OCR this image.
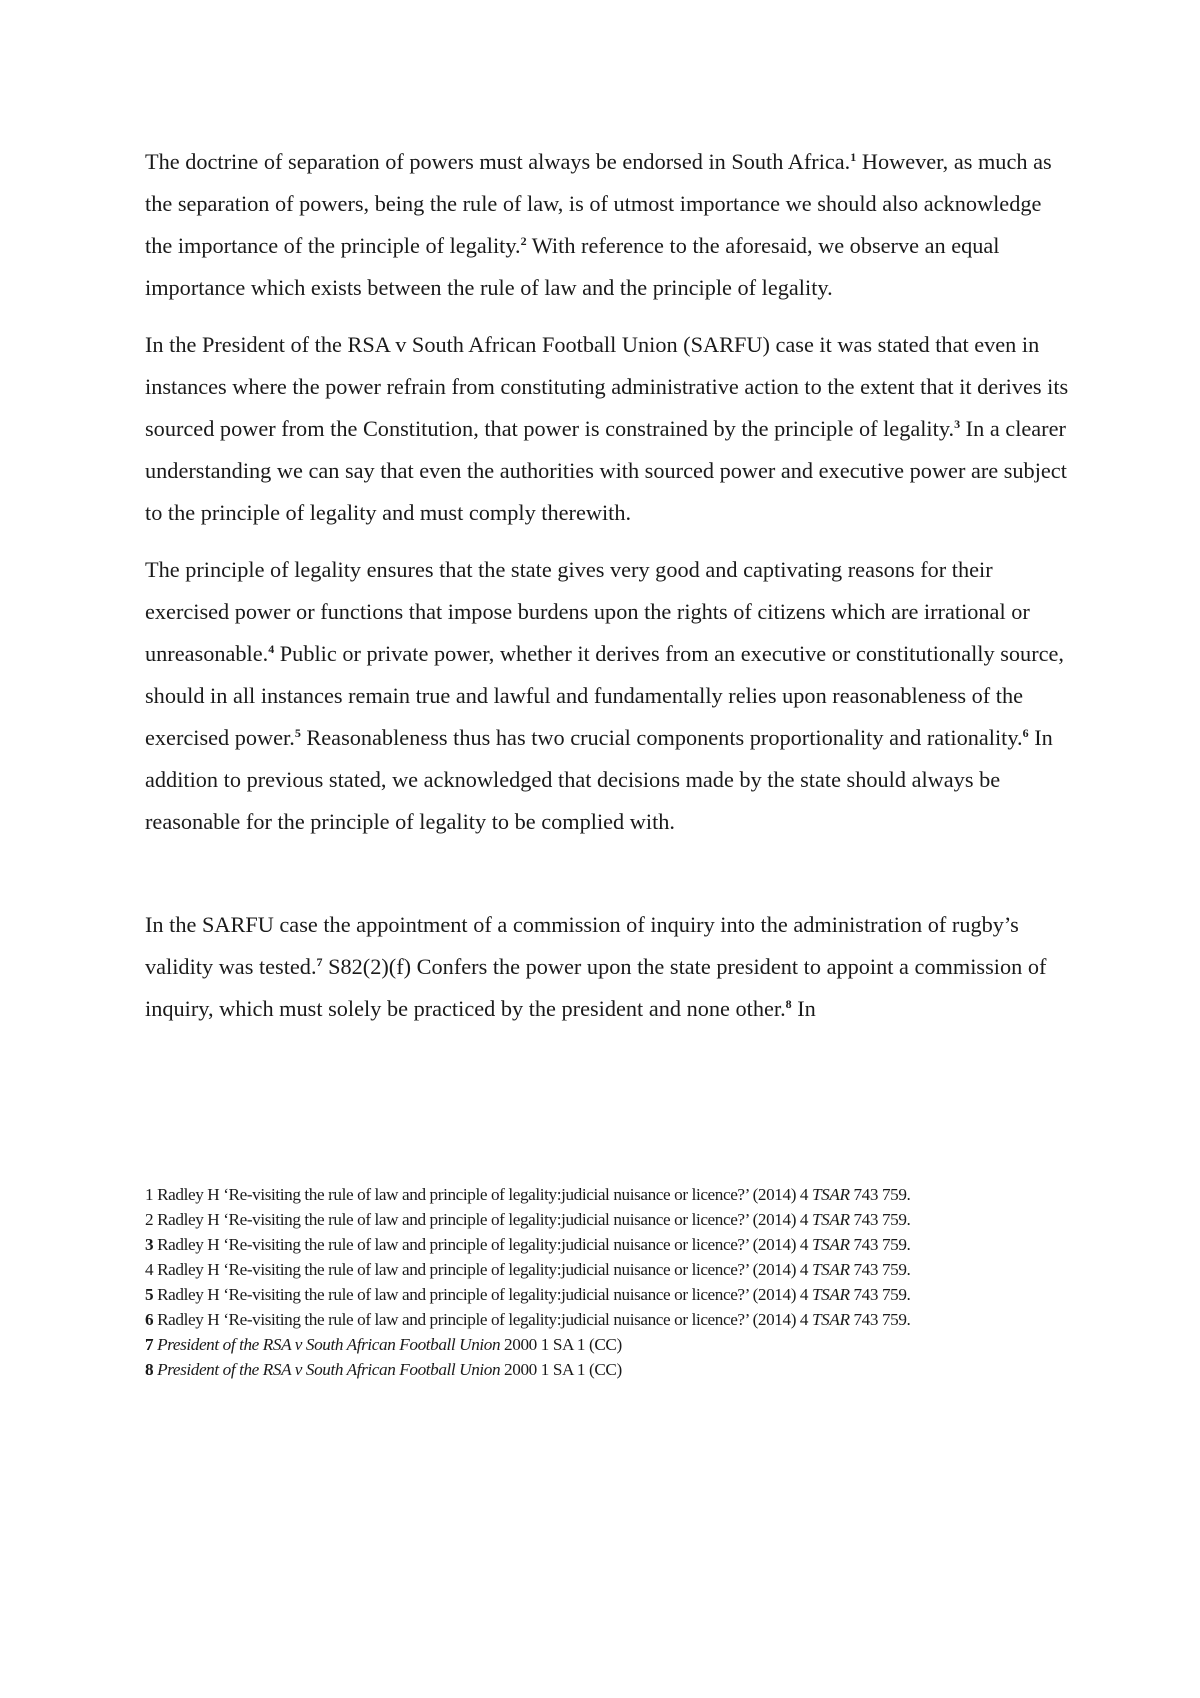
The doctrine of separation of powers must always be endorsed in South Africa.$^1$ However, as much as the separation of powers, being the rule of law, is of utmost importance we should also acknowledge the importance of the principle of legality.$^2$ With reference to the aforesaid, we observe an equal importance which exists between the rule of law and the principle of legality.

In the President of the RSA v South African Football Union (SARFU) case it was stated that even in instances where the power refrain from constituting administrative action to the extent that it derives its sourced power from the Constitution, that power is constrained by the principle of legality.$^3$ In a clearer understanding we can say that even the authorities with sourced power and executive power are subject to the principle of legality and must comply therewith.

The principle of legality ensures that the state gives very good and captivating reasons for their exercised power or functions that impose burdens upon the rights of citizens which are irrational or unreasonable.$^4$ Public or private power, whether it derives from an executive or constitutionally source, should in all instances remain true and lawful and fundamentally relies upon reasonableness of the exercised power.$^5$ Reasonableness thus has two crucial components proportionality and rationality.$^6$ In addition to previous stated, we acknowledged that decisions made by the state should always be reasonable for the principle of legality to be complied with.

In the SARFU case the appointment of a commission of inquiry into the administration of rugby’s validity was tested.$^7$ S82(2)(f) Confers the power upon the state president to appoint a commission of inquiry, which must solely be practiced by the president and none other.$^8$ In

1 Radley H ‘Re-visiting the rule of law and principle of legality:judicial nuisance or licence?’ (2014) 4 TSAR 743 759.

2 Radley H ‘Re-visiting the rule of law and principle of legality:judicial nuisance or licence?’ (2014) 4 TSAR 743 759.

3 Radley H ‘Re-visiting the rule of law and principle of legality:judicial nuisance or licence?’ (2014) 4 TSAR 743 759.

4 Radley H ‘Re-visiting the rule of law and principle of legality:judicial nuisance or licence?’ (2014) 4 TSAR 743 759.

5 Radley H ‘Re-visiting the rule of law and principle of legality:judicial nuisance or licence?’ (2014) 4 TSAR 743 759.

6 Radley H ‘Re-visiting the rule of law and principle of legality:judicial nuisance or licence?’ (2014) 4 TSAR 743 759.

7 President of the RSA v South African Football Union 2000 1 SA 1 (CC)

8 President of the RSA v South African Football Union 2000 1 SA 1 (CC)
